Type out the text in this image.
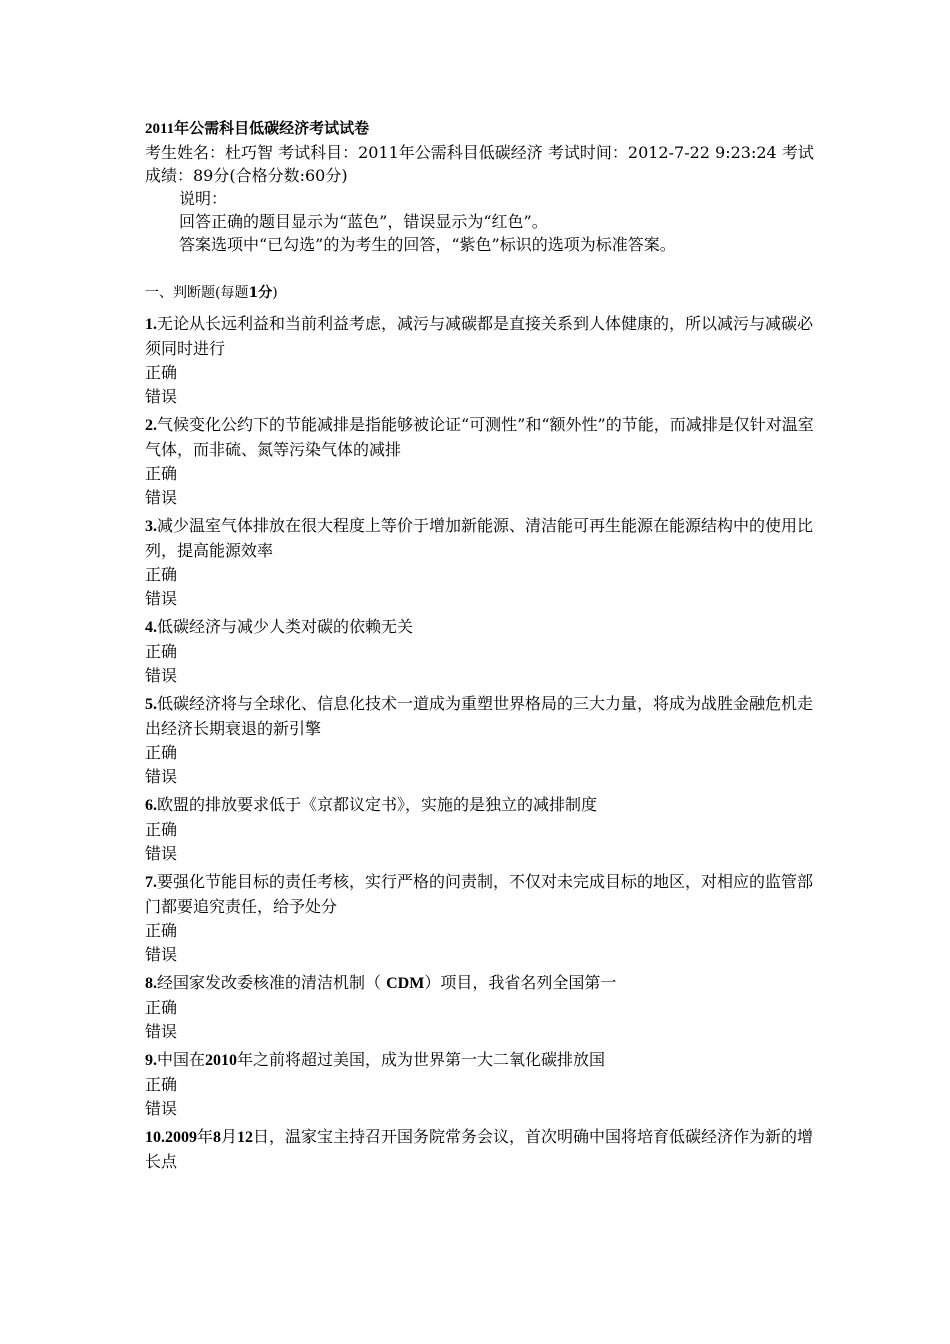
2011年公需科目低碳经济考试试卷

考生姓名：杜巧智 考试科目：2011年公需科目低碳经济 考试时间：2012-7-22 9:23:24 考试成绩：89分(合格分数:60分)

说明：

回答正确的题目显示为“蓝色”，错误显示为“红色”。

答案选项中“已勾选”的为考生的回答，“紫色”标识的选项为标准答案。

一、判断题(每题1分)

1.无论从长远利益和当前利益考虑，减污与减碳都是直接关系到人体健康的，所以减污与减碳必须同时进行

正确

错误

2.气候变化公约下的节能减排是指能够被论证“可测性”和“额外性”的节能，而减排是仅针对温室气体，而非硫、氮等污染气体的减排

正确

错误

3.减少温室气体排放在很大程度上等价于增加新能源、清洁能可再生能源在能源结构中的使用比列，提高能源效率

正确

错误

4.低碳经济与减少人类对碳的依赖无关

正确

错误

5.低碳经济将与全球化、信息化技术一道成为重塑世界格局的三大力量，将成为战胜金融危机走出经济长期衰退的新引擎

正确

错误

6.欧盟的排放要求低于《京都议定书》，实施的是独立的减排制度

正确

错误

7.要强化节能目标的责任考核，实行严格的问责制，不仅对未完成目标的地区，对相应的监管部门都要追究责任，给予处分

正确

错误

8.经国家发改委核准的清洁机制（ CDM）项目，我省名列全国第一

正确

错误

9.中国在2010年之前将超过美国，成为世界第一大二氧化碳排放国

正确

错误

10.2009年8月12日，温家宝主持召开国务院常务会议，首次明确中国将培育低碳经济作为新的增长点
